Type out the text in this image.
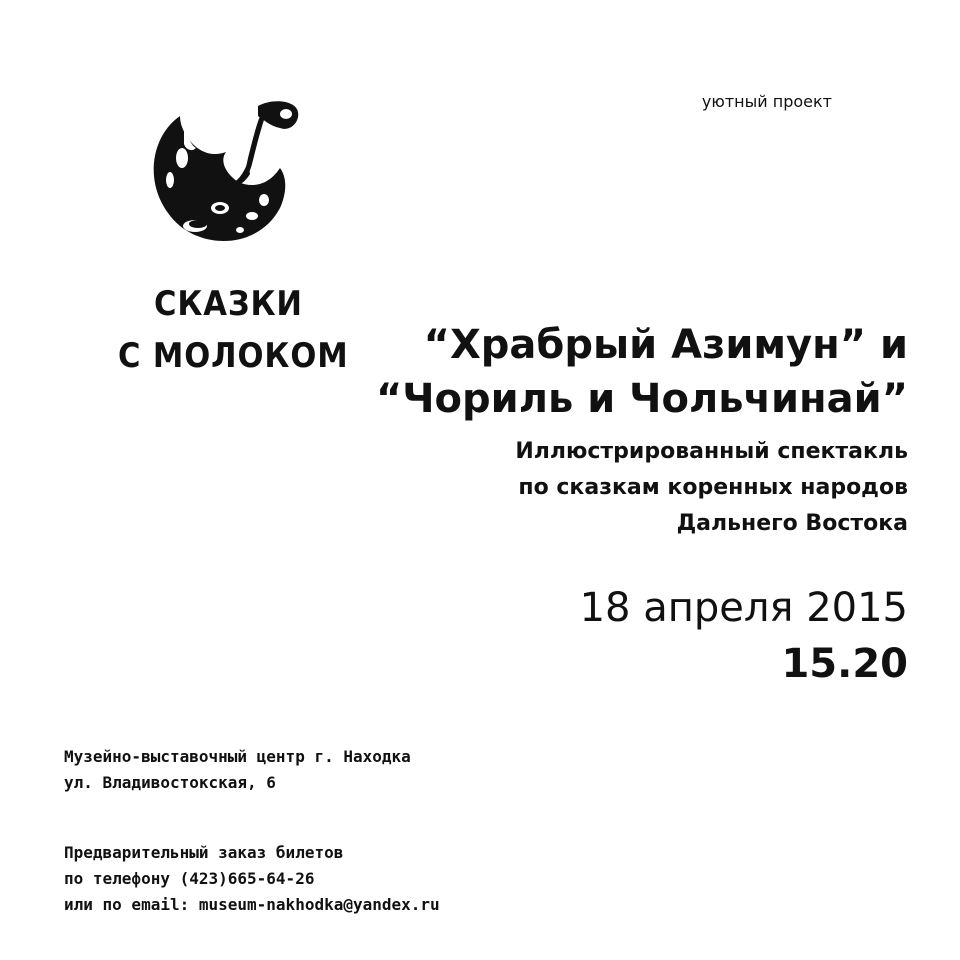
уютный проект
СКАЗКИ
С МОЛОКОМ	“Храбрый Азимун” и
“Чориль и Чольчинай”
Иллюстрированный спектакль
по сказкам коренных народов
Дальнего Востока
18 апреля 2015
15.20
Музейно-выставочный центр г. Находка
ул. Владивостокская, 6
Предварительный заказ билетов
по телефону (423)665-64-26
или по email: museum-nakhodka@yandex.ru
